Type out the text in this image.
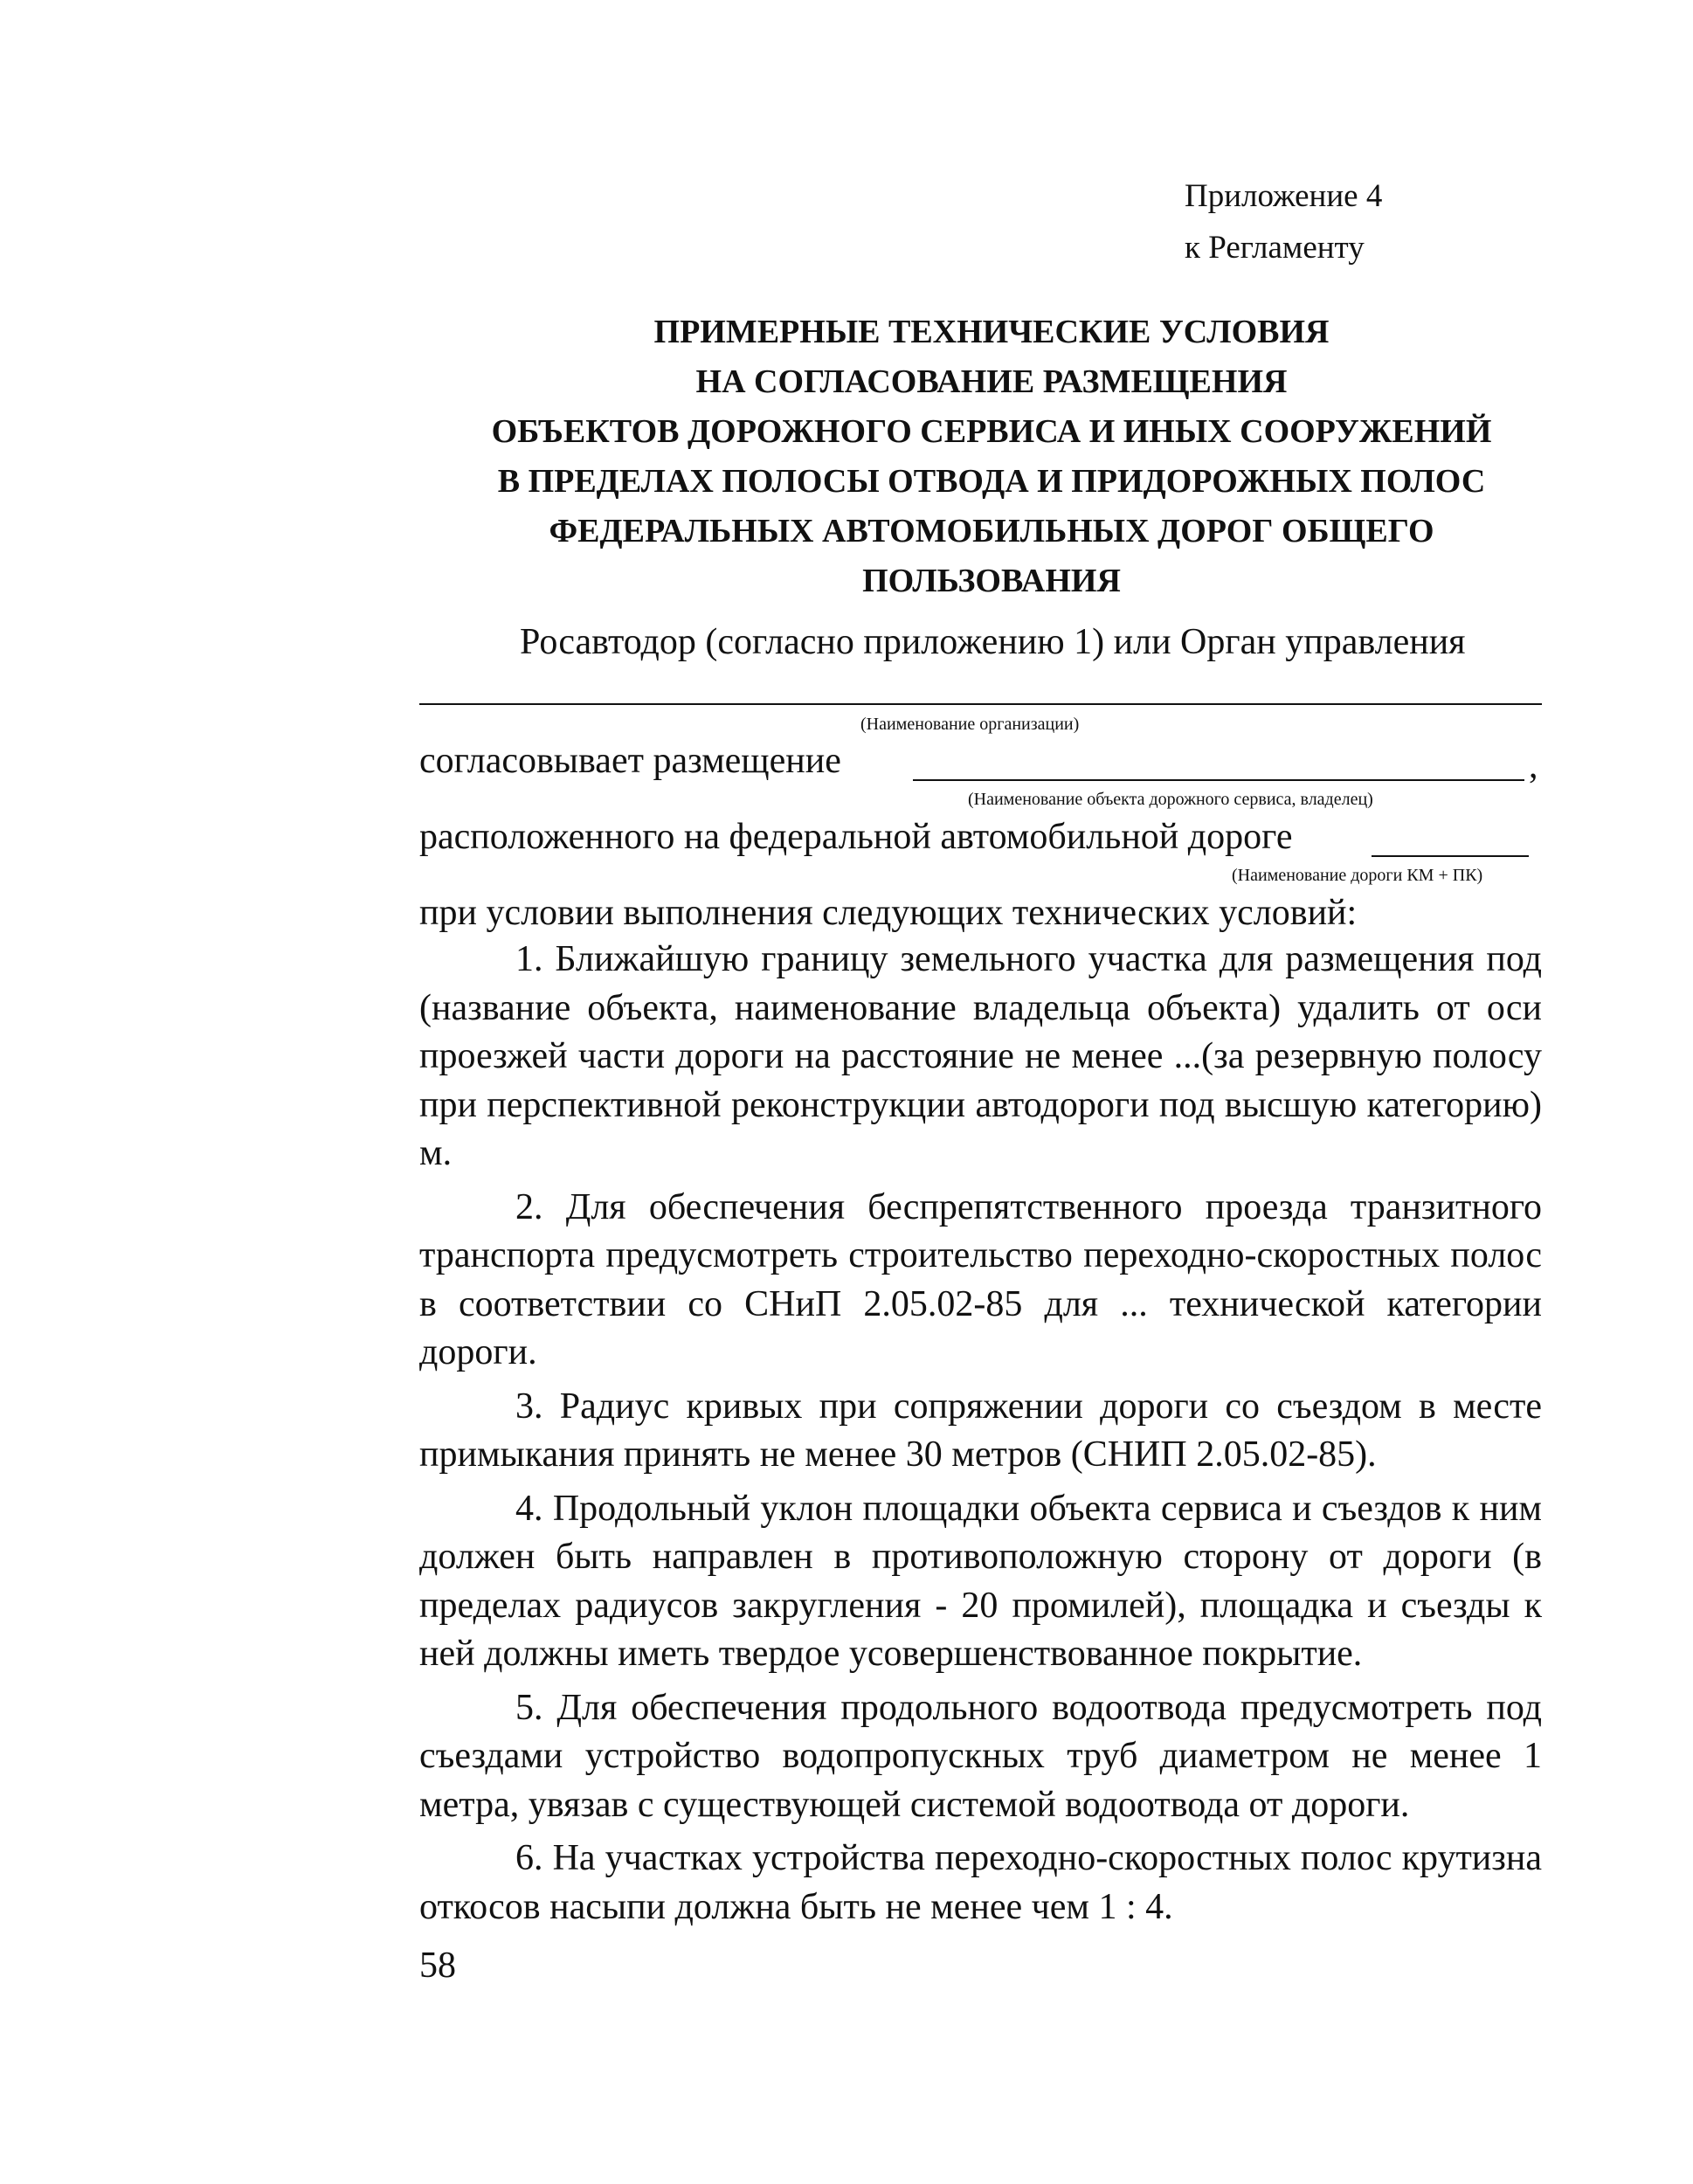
Приложение 4
к Регламенту
ПРИМЕРНЫЕ ТЕХНИЧЕСКИЕ УСЛОВИЯ
НА СОГЛАСОВАНИЕ РАЗМЕЩЕНИЯ
ОБЪЕКТОВ ДОРОЖНОГО СЕРВИСА И ИНЫХ СООРУЖЕНИЙ
В ПРЕДЕЛАХ ПОЛОСЫ ОТВОДА И ПРИДОРОЖНЫХ ПОЛОС
ФЕДЕРАЛЬНЫХ АВТОМОБИЛЬНЫХ ДОРОГ ОБЩЕГО
ПОЛЬЗОВАНИЯ
Росавтодор (согласно приложению 1) или Орган управления
(Наименование организации)
согласовывает размещение	,
(Наименование объекта дорожного сервиса, владелец)
расположенного на федеральной автомобильной дороге
(Наименование дороги КМ + ПК)
при условии выполнения следующих технических условий:

1. Ближайшую границу земельного участка для размещения под (название объекта, наименование владельца объекта) удалить от оси проезжей части дороги на расстояние не менее ...(за резервную полосу при перспективной реконструкции автодороги под высшую категорию) м.

2. Для обеспечения беспрепятственного проезда транзитного транспорта предусмотреть строительство переходно-скоростных полос в соответствии со СНиП 2.05.02-85 для ... технической категории дороги.

3. Радиус кривых при сопряжении дороги со съездом в месте примыкания принять не менее 30 метров (СНИП 2.05.02-85).

4. Продольный уклон площадки объекта сервиса и съездов к ним должен быть направлен в противоположную сторону от дороги (в пределах радиусов закругления - 20 промилей), площадка и съезды к ней должны иметь твердое усовершенствованное покрытие.

5. Для обеспечения продольного водоотвода предусмотреть под съездами устройство водопропускных труб диаметром не менее 1 метра, увязав с существующей системой водоотвода от дороги.

6. На участках устройства переходно-скоростных полос крутизна откосов насыпи должна быть не менее чем 1 : 4.

58
